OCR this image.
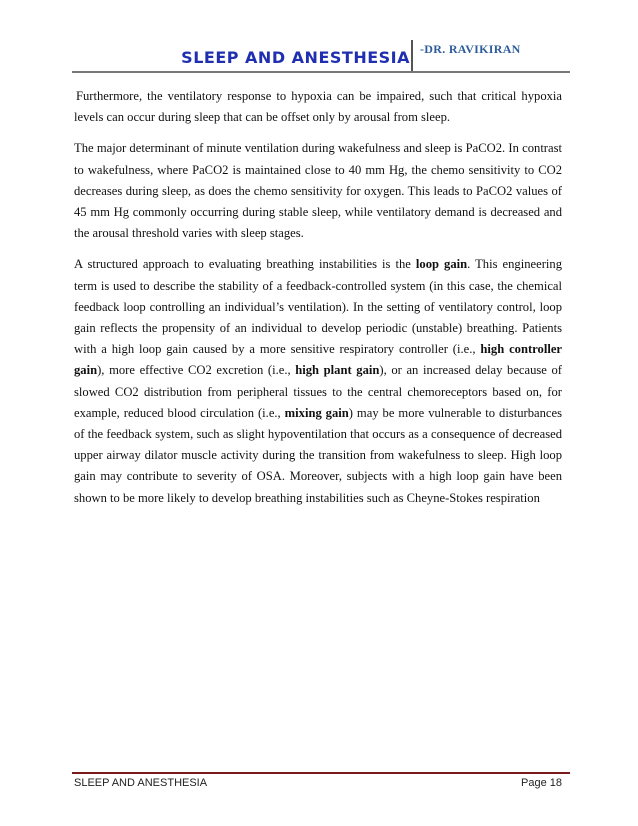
SLEEP AND ANESTHESIA -DR. RAVIKIRAN

Furthermore, the ventilatory response to hypoxia can be impaired, such that critical hypoxia levels can occur during sleep that can be offset only by arousal from sleep.

The major determinant of minute ventilation during wakefulness and sleep is PaCO2. In contrast to wakefulness, where PaCO2 is maintained close to 40 mm Hg, the chemo sensitivity to CO2 decreases during sleep, as does the chemo sensitivity for oxygen. This leads to PaCO2 values of 45 mm Hg commonly occurring during stable sleep, while ventilatory demand is decreased and the arousal threshold varies with sleep stages.

A structured approach to evaluating breathing instabilities is the loop gain. This engineering term is used to describe the stability of a feedback-controlled system (in this case, the chemical feedback loop controlling an individual’s ventilation). In the setting of ventilatory control, loop gain reflects the propensity of an individual to develop periodic (unstable) breathing. Patients with a high loop gain caused by a more sensitive respiratory controller (i.e., high controller gain), more effective CO2 excretion (i.e., high plant gain), or an increased delay because of slowed CO2 distribution from peripheral tissues to the central chemoreceptors based on, for example, reduced blood circulation (i.e., mixing gain) may be more vulnerable to disturbances of the feedback system, such as slight hypoventilation that occurs as a consequence of decreased upper airway dilator muscle activity during the transition from wakefulness to sleep. High loop gain may contribute to severity of OSA. Moreover, subjects with a high loop gain have been shown to be more likely to develop breathing instabilities such as Cheyne-Stokes respiration

SLEEP AND ANESTHESIA	Page 18
